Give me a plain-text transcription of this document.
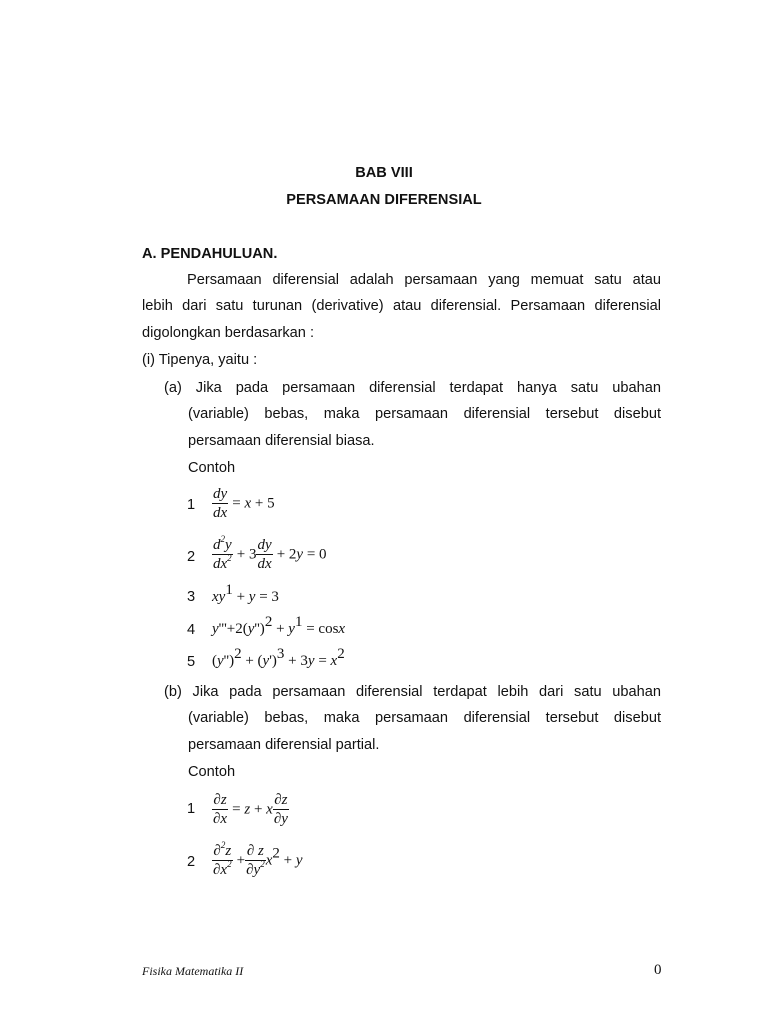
BAB VIII
PERSAMAAN DIFERENSIAL
A. PENDAHULUAN.
Persamaan diferensial adalah persamaan yang memuat satu atau
lebih dari satu turunan (derivative) atau diferensial. Persamaan diferensial
digolongkan berdasarkan :
(i) Tipenya, yaitu :
(a) Jika pada persamaan diferensial terdapat hanya satu ubahan
(variable) bebas, maka persamaan diferensial tersebut disebut
persamaan diferensial biasa.
Contoh
$1 \frac{dy}{dx} = x + 5$
$2 \frac{d^2y}{dx^2} + 3 \frac{dy}{dx} + 2y = 0$
3 $xy^1 + y = 3$
4 $y'''+2(y'')^2 + y^1 = \cos x$
5 $(y'')^2 + (y')^3 + 3y = x^2$
(b) Jika pada persamaan diferensial terdapat lebih dari satu ubahan
(variable) bebas, maka persamaan diferensial tersebut disebut
persamaan diferensial partial.
Contoh
$1 \frac{\partial z}{\partial x} = z + x \frac{\partial z}{\partial y}$
$2 \frac{\partial^2z}{\partial x^2} + \frac{\partial z}{\partial y^2} x^2 + y$
Fisika Matematika II	0
